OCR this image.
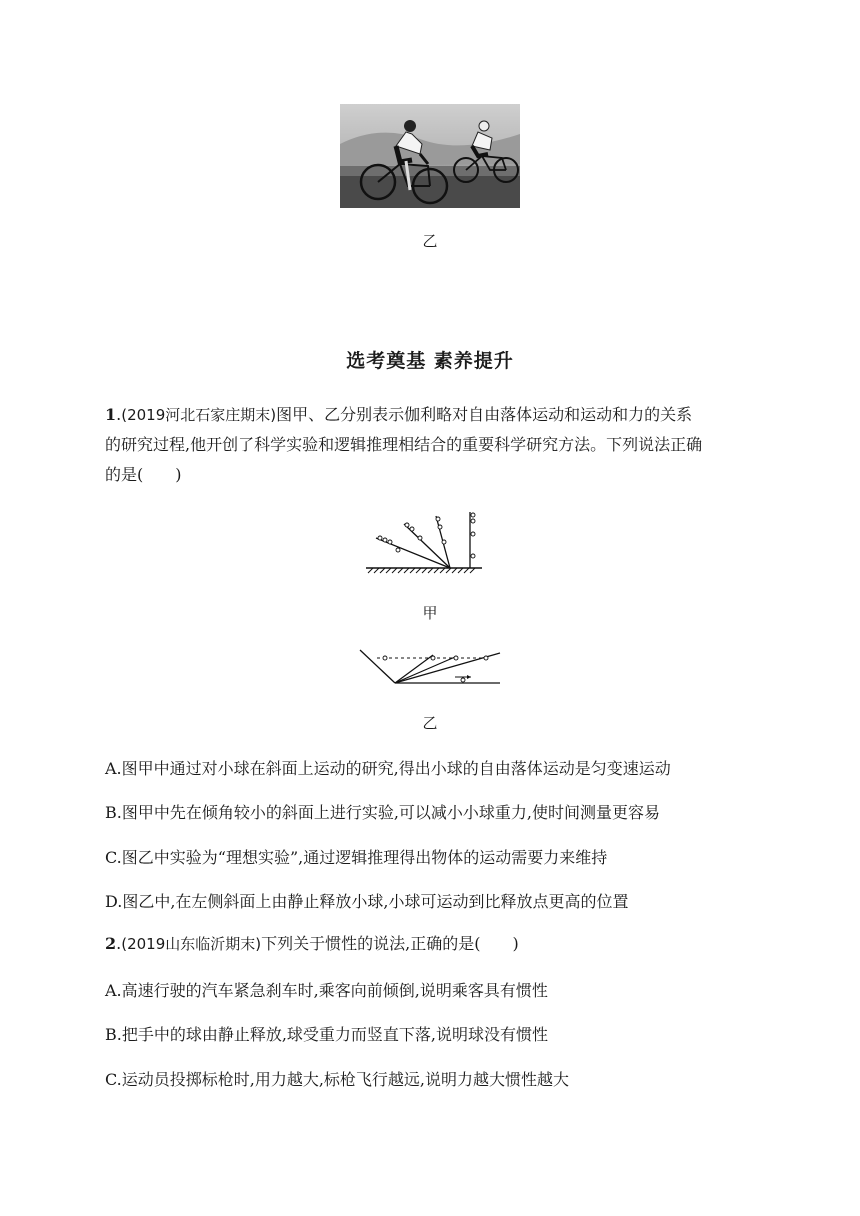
乙
选考奠基 素养提升
1.(2019河北石家庄期末)图甲、乙分别表示伽利略对自由落体运动和运动和力的关系
的研究过程,他开创了科学实验和逻辑推理相结合的重要科学研究方法。下列说法正确
的是(　　)
甲
乙
A.图甲中通过对小球在斜面上运动的研究,得出小球的自由落体运动是匀变速运动
B.图甲中先在倾角较小的斜面上进行实验,可以减小小球重力,使时间测量更容易
C.图乙中实验为“理想实验”,通过逻辑推理得出物体的运动需要力来维持
D.图乙中,在左侧斜面上由静止释放小球,小球可运动到比释放点更高的位置
2.(2019山东临沂期末)下列关于惯性的说法,正确的是(　　)
A.高速行驶的汽车紧急刹车时,乘客向前倾倒,说明乘客具有惯性
B.把手中的球由静止释放,球受重力而竖直下落,说明球没有惯性
C.运动员投掷标枪时,用力越大,标枪飞行越远,说明力越大惯性越大
